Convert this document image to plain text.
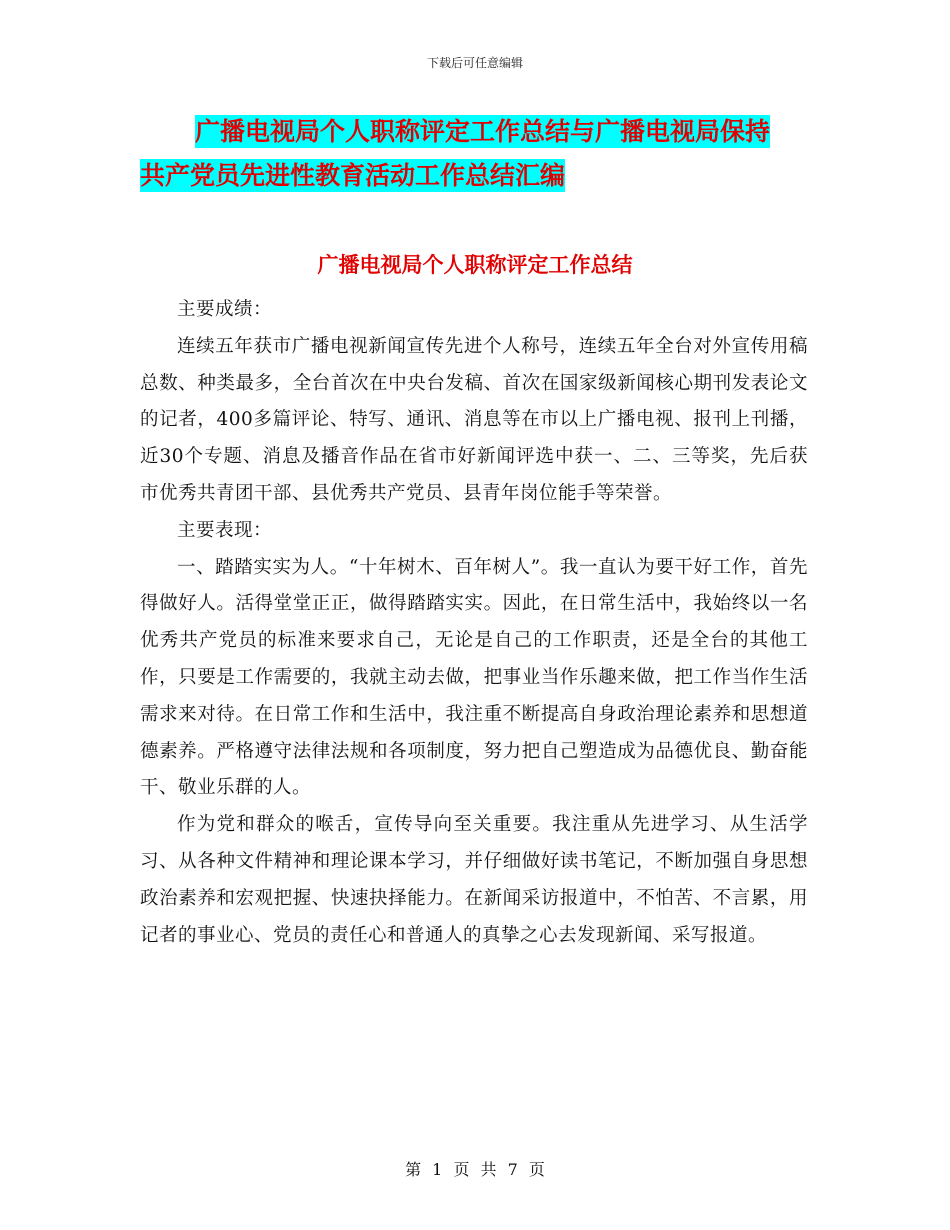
下载后可任意编辑
广播电视局个人职称评定工作总结与广播电视局保持
共产党员先进性教育活动工作总结汇编
广播电视局个人职称评定工作总结

主要成绩：

连续五年获市广播电视新闻宣传先进个人称号，连续五年全台对外宣传用稿总数、种类最多，全台首次在中央台发稿、首次在国家级新闻核心期刊发表论文的记者，400多篇评论、特写、通讯、消息等在市以上广播电视、报刊上刊播，近30个专题、消息及播音作品在省市好新闻评选中获一、二、三等奖，先后获市优秀共青团干部、县优秀共产党员、县青年岗位能手等荣誉。

主要表现：

一、踏踏实实为人。“十年树木、百年树人”。我一直认为要干好工作，首先得做好人。活得堂堂正正，做得踏踏实实。因此，在日常生活中，我始终以一名优秀共产党员的标准来要求自己，无论是自己的工作职责，还是全台的其他工作，只要是工作需要的，我就主动去做，把事业当作乐趣来做，把工作当作生活需求来对待。在日常工作和生活中，我注重不断提高自身政治理论素养和思想道德素养。严格遵守法律法规和各项制度，努力把自己塑造成为品德优良、勤奋能干、敬业乐群的人。

作为党和群众的喉舌，宣传导向至关重要。我注重从先进学习、从生活学习、从各种文件精神和理论课本学习，并仔细做好读书笔记，不断加强自身思想政治素养和宏观把握、快速抉择能力。在新闻采访报道中，不怕苦、不言累，用记者的事业心、党员的责任心和普通人的真挚之心去发现新闻、采写报道。

第 1 页 共 7 页
